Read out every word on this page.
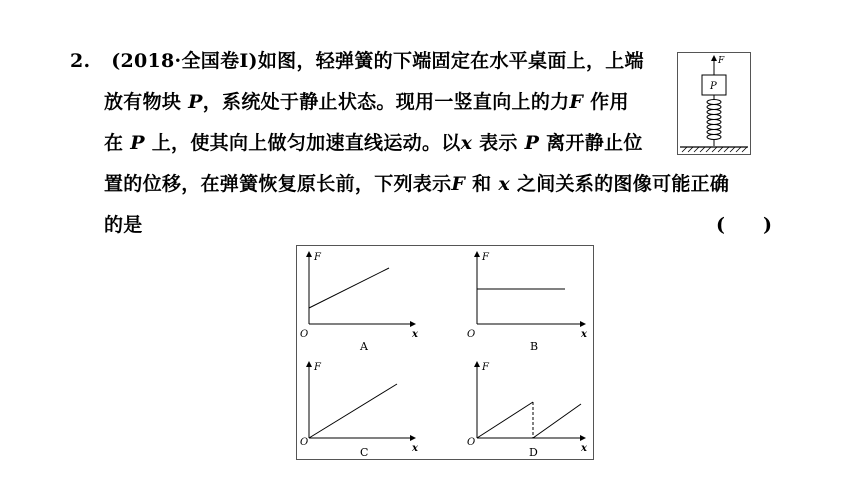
2. (2018·全国卷Ⅰ)如图，轻弹簧的下端固定在水平桌面上，上端
放有物块 P，系统处于静止状态。现用一竖直向上的力F 作用
在 P 上，使其向上做匀加速直线运动。以x 表示 P 离开静止位
置的位移，在弹簧恢复原长前，下列表示F 和 x 之间关系的图像可能正确
的是	(　　)
F
P
F
x
O
A
F
x
O
B
F
x
O
C
F
x
O
D
